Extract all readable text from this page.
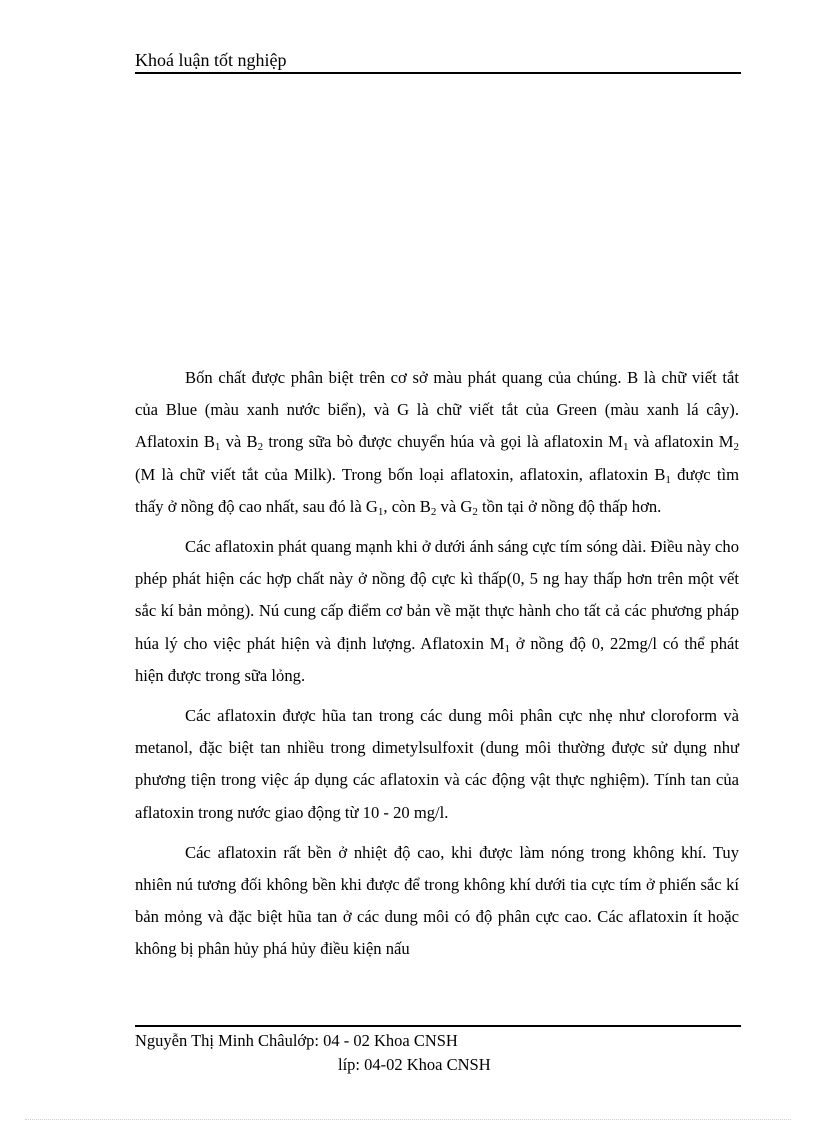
Khoá luận tốt nghiệp

Bốn chất được phân biệt trên cơ sở màu phát quang của chúng. B là chữ viết tắt của Blue (màu xanh nước biển), và G là chữ viết tắt của Green (màu xanh lá cây). Aflatoxin $B_1$ và $B_2$ trong sữa bò được chuyển húa và gọi là aflatoxin $M_1$ và aflatoxin $M_2$ (M là chữ viết tắt của Milk). Trong bốn loại aflatoxin, aflatoxin, aflatoxin $B_1$ được tìm thấy ở nồng độ cao nhất, sau đó là $G_1$, còn $B_2$ và $G_2$ tồn tại ở nồng độ thấp hơn.

Các aflatoxin phát quang mạnh khi ở dưới ánh sáng cực tím sóng dài. Điều này cho phép phát hiện các hợp chất này ở nồng độ cực kì thấp(0, 5 ng hay thấp hơn trên một vết sắc kí bản mỏng). Nú cung cấp điểm cơ bản về mặt thực hành cho tất cả các phương pháp húa lý cho việc phát hiện và định lượng. Aflatoxin $M_1$ ở nồng độ 0, 22mg/l có thể phát hiện được trong sữa lỏng.

Các aflatoxin được hũa tan trong các dung môi phân cực nhẹ như cloroform và metanol, đặc biệt tan nhiều trong dimetylsulfoxit (dung môi thường được sử dụng như phương tiện trong việc áp dụng các aflatoxin và các động vật thực nghiệm). Tính tan của aflatoxin trong nước giao động từ 10 - 20 mg/l.

Các aflatoxin rất bền ở nhiệt độ cao, khi được làm nóng trong không khí. Tuy nhiên nú tương đối không bền khi được để trong không khí dưới tia cực tím ở phiến sắc kí bản mỏng và đặc biệt hũa tan ở các dung môi có độ phân cực cao. Các aflatoxin ít hoặc không bị phân hủy phá hủy điều kiện nấu

Nguyễn Thị Minh Châulớp: 04 - 02 Khoa CNSH
líp: 04-02 Khoa CNSH
